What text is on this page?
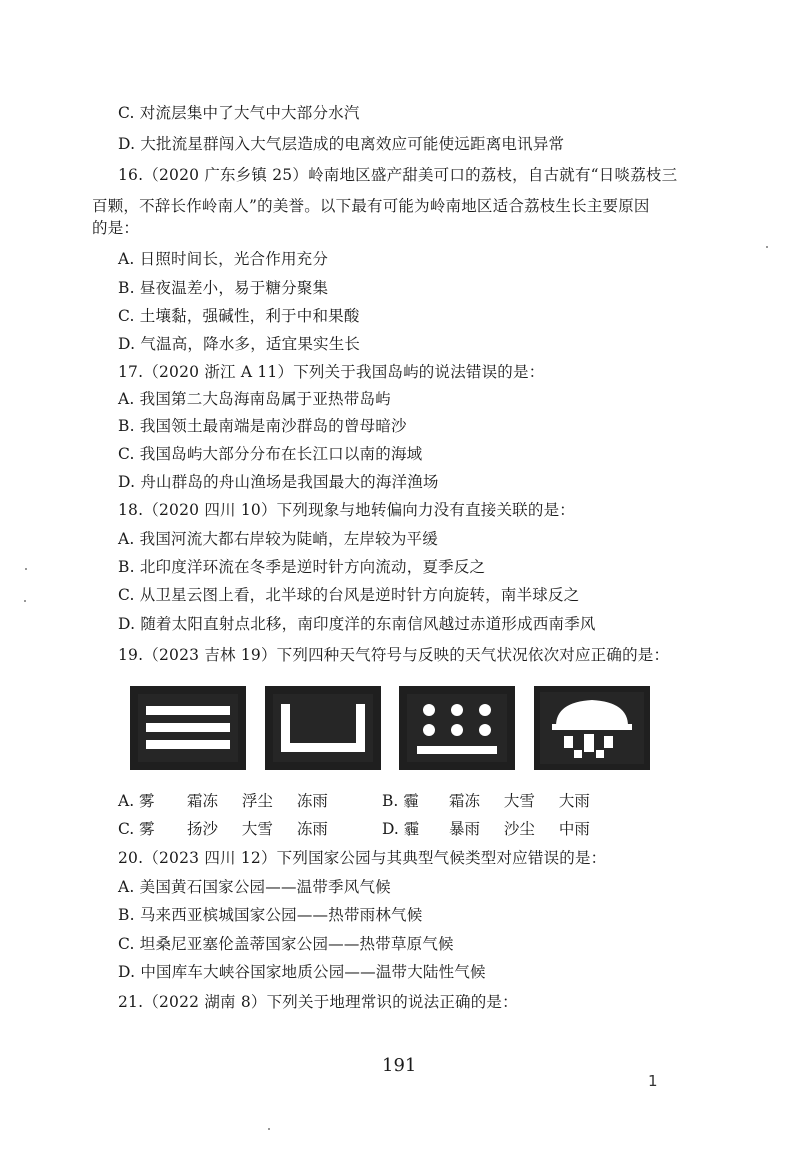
C. 对流层集中了大气中大部分水汽
D. 大批流星群闯入大气层造成的电离效应可能使远距离电讯异常
16.（2020 广东乡镇 25）岭南地区盛产甜美可口的荔枝，自古就有“日啖荔枝三
百颗，不辞长作岭南人”的美誉。以下最有可能为岭南地区适合荔枝生长主要原因
的是：
A. 日照时间长，光合作用充分
B. 昼夜温差小，易于糖分聚集
C. 土壤黏，强碱性，利于中和果酸
D. 气温高，降水多，适宜果实生长
17.（2020 浙江 A 11）下列关于我国岛屿的说法错误的是：
A. 我国第二大岛海南岛属于亚热带岛屿
B. 我国领土最南端是南沙群岛的曾母暗沙
C. 我国岛屿大部分分布在长江口以南的海域
D. 舟山群岛的舟山渔场是我国最大的海洋渔场
18.（2020 四川 10）下列现象与地转偏向力没有直接关联的是：
A. 我国河流大都右岸较为陡峭，左岸较为平缓
B. 北印度洋环流在冬季是逆时针方向流动，夏季反之
C. 从卫星云图上看，北半球的台风是逆时针方向旋转，南半球反之
D. 随着太阳直射点北移，南印度洋的东南信风越过赤道形成西南季风
19.（2023 吉林 19）下列四种天气符号与反映的天气状况依次对应正确的是：
A. 雾 霜冻 浮尘 冻雨	B. 霾 霜冻 大雪 大雨
C. 雾 扬沙 大雪 冻雨	D. 霾 暴雨 沙尘 中雨
20.（2023 四川 12）下列国家公园与其典型气候类型对应错误的是：
A. 美国黄石国家公园——温带季风气候
B. 马来西亚槟城国家公园——热带雨林气候
C. 坦桑尼亚塞伦盖蒂国家公园——热带草原气候
D. 中国库车大峡谷国家地质公园——温带大陆性气候
21.（2022 湖南 8）下列关于地理常识的说法正确的是：
191
1
